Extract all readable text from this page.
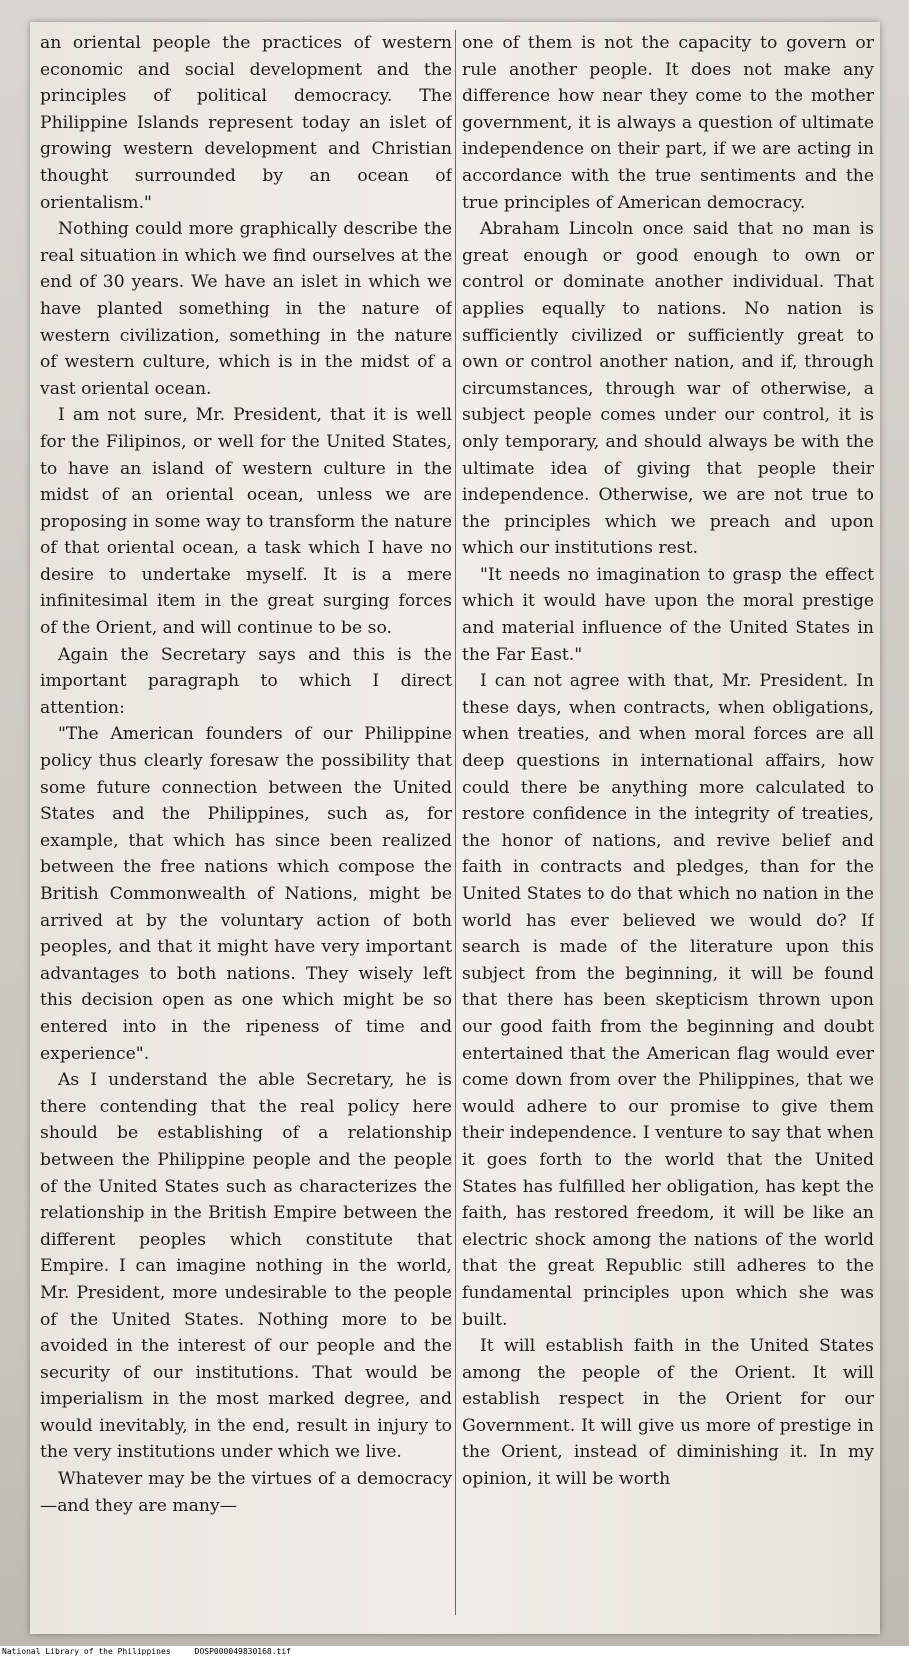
an oriental people the practices of western economic and social development and the principles of political democracy. The Philippine Islands represent today an islet of growing western development and Christian thought surrounded by an ocean of orientalism."

Nothing could more graphically describe the real situation in which we find ourselves at the end of 30 years. We have an islet in which we have planted something in the nature of western civilization, something in the nature of western culture, which is in the midst of a vast oriental ocean.

I am not sure, Mr. President, that it is well for the Filipinos, or well for the United States, to have an island of western culture in the midst of an oriental ocean, unless we are proposing in some way to transform the nature of that oriental ocean, a task which I have no desire to undertake myself. It is a mere infinitesimal item in the great surging forces of the Orient, and will continue to be so.

Again the Secretary says and this is the important paragraph to which I direct attention:

"The American founders of our Philippine policy thus clearly foresaw the possibility that some future connection between the United States and the Philippines, such as, for example, that which has since been realized between the free nations which compose the British Commonwealth of Nations, might be arrived at by the voluntary action of both peoples, and that it might have very important advantages to both nations. They wisely left this decision open as one which might be so entered into in the ripeness of time and experience".

As I understand the able Secretary, he is there contending that the real policy here should be establishing of a relationship between the Philippine people and the people of the United States such as characterizes the relationship in the British Empire between the different peoples which constitute that Empire. I can imagine nothing in the world, Mr. President, more undesirable to the people of the United States. Nothing more to be avoided in the interest of our people and the security of our institutions. That would be imperialism in the most marked degree, and would inevitably, in the end, result in injury to the very institutions under which we live.

Whatever may be the virtues of a democracy—and they are many—

one of them is not the capacity to govern or rule another people. It does not make any difference how near they come to the mother government, it is always a question of ultimate independence on their part, if we are acting in accordance with the true sentiments and the true principles of American democracy.

Abraham Lincoln once said that no man is great enough or good enough to own or control or dominate another individual. That applies equally to nations. No nation is sufficiently civilized or sufficiently great to own or control another nation, and if, through circumstances, through war of otherwise, a subject people comes under our control, it is only temporary, and should always be with the ultimate idea of giving that people their independence. Otherwise, we are not true to the principles which we preach and upon which our institutions rest.

"It needs no imagination to grasp the effect which it would have upon the moral prestige and material influence of the United States in the Far East."

I can not agree with that, Mr. President. In these days, when contracts, when obligations, when treaties, and when moral forces are all deep questions in international affairs, how could there be anything more calculated to restore confidence in the integrity of treaties, the honor of nations, and revive belief and faith in contracts and pledges, than for the United States to do that which no nation in the world has ever believed we would do? If search is made of the literature upon this subject from the beginning, it will be found that there has been skepticism thrown upon our good faith from the beginning and doubt entertained that the American flag would ever come down from over the Philippines, that we would adhere to our promise to give them their independence. I venture to say that when it goes forth to the world that the United States has fulfilled her obligation, has kept the faith, has restored freedom, it will be like an electric shock among the nations of the world that the great Republic still adheres to the fundamental principles upon which she was built.

It will establish faith in the United States among the people of the Orient. It will establish respect in the Orient for our Government. It will give us more of prestige in the Orient, instead of diminishing it. In my opinion, it will be worth

National Library of the Philippines     DOSP000049830168.tif
